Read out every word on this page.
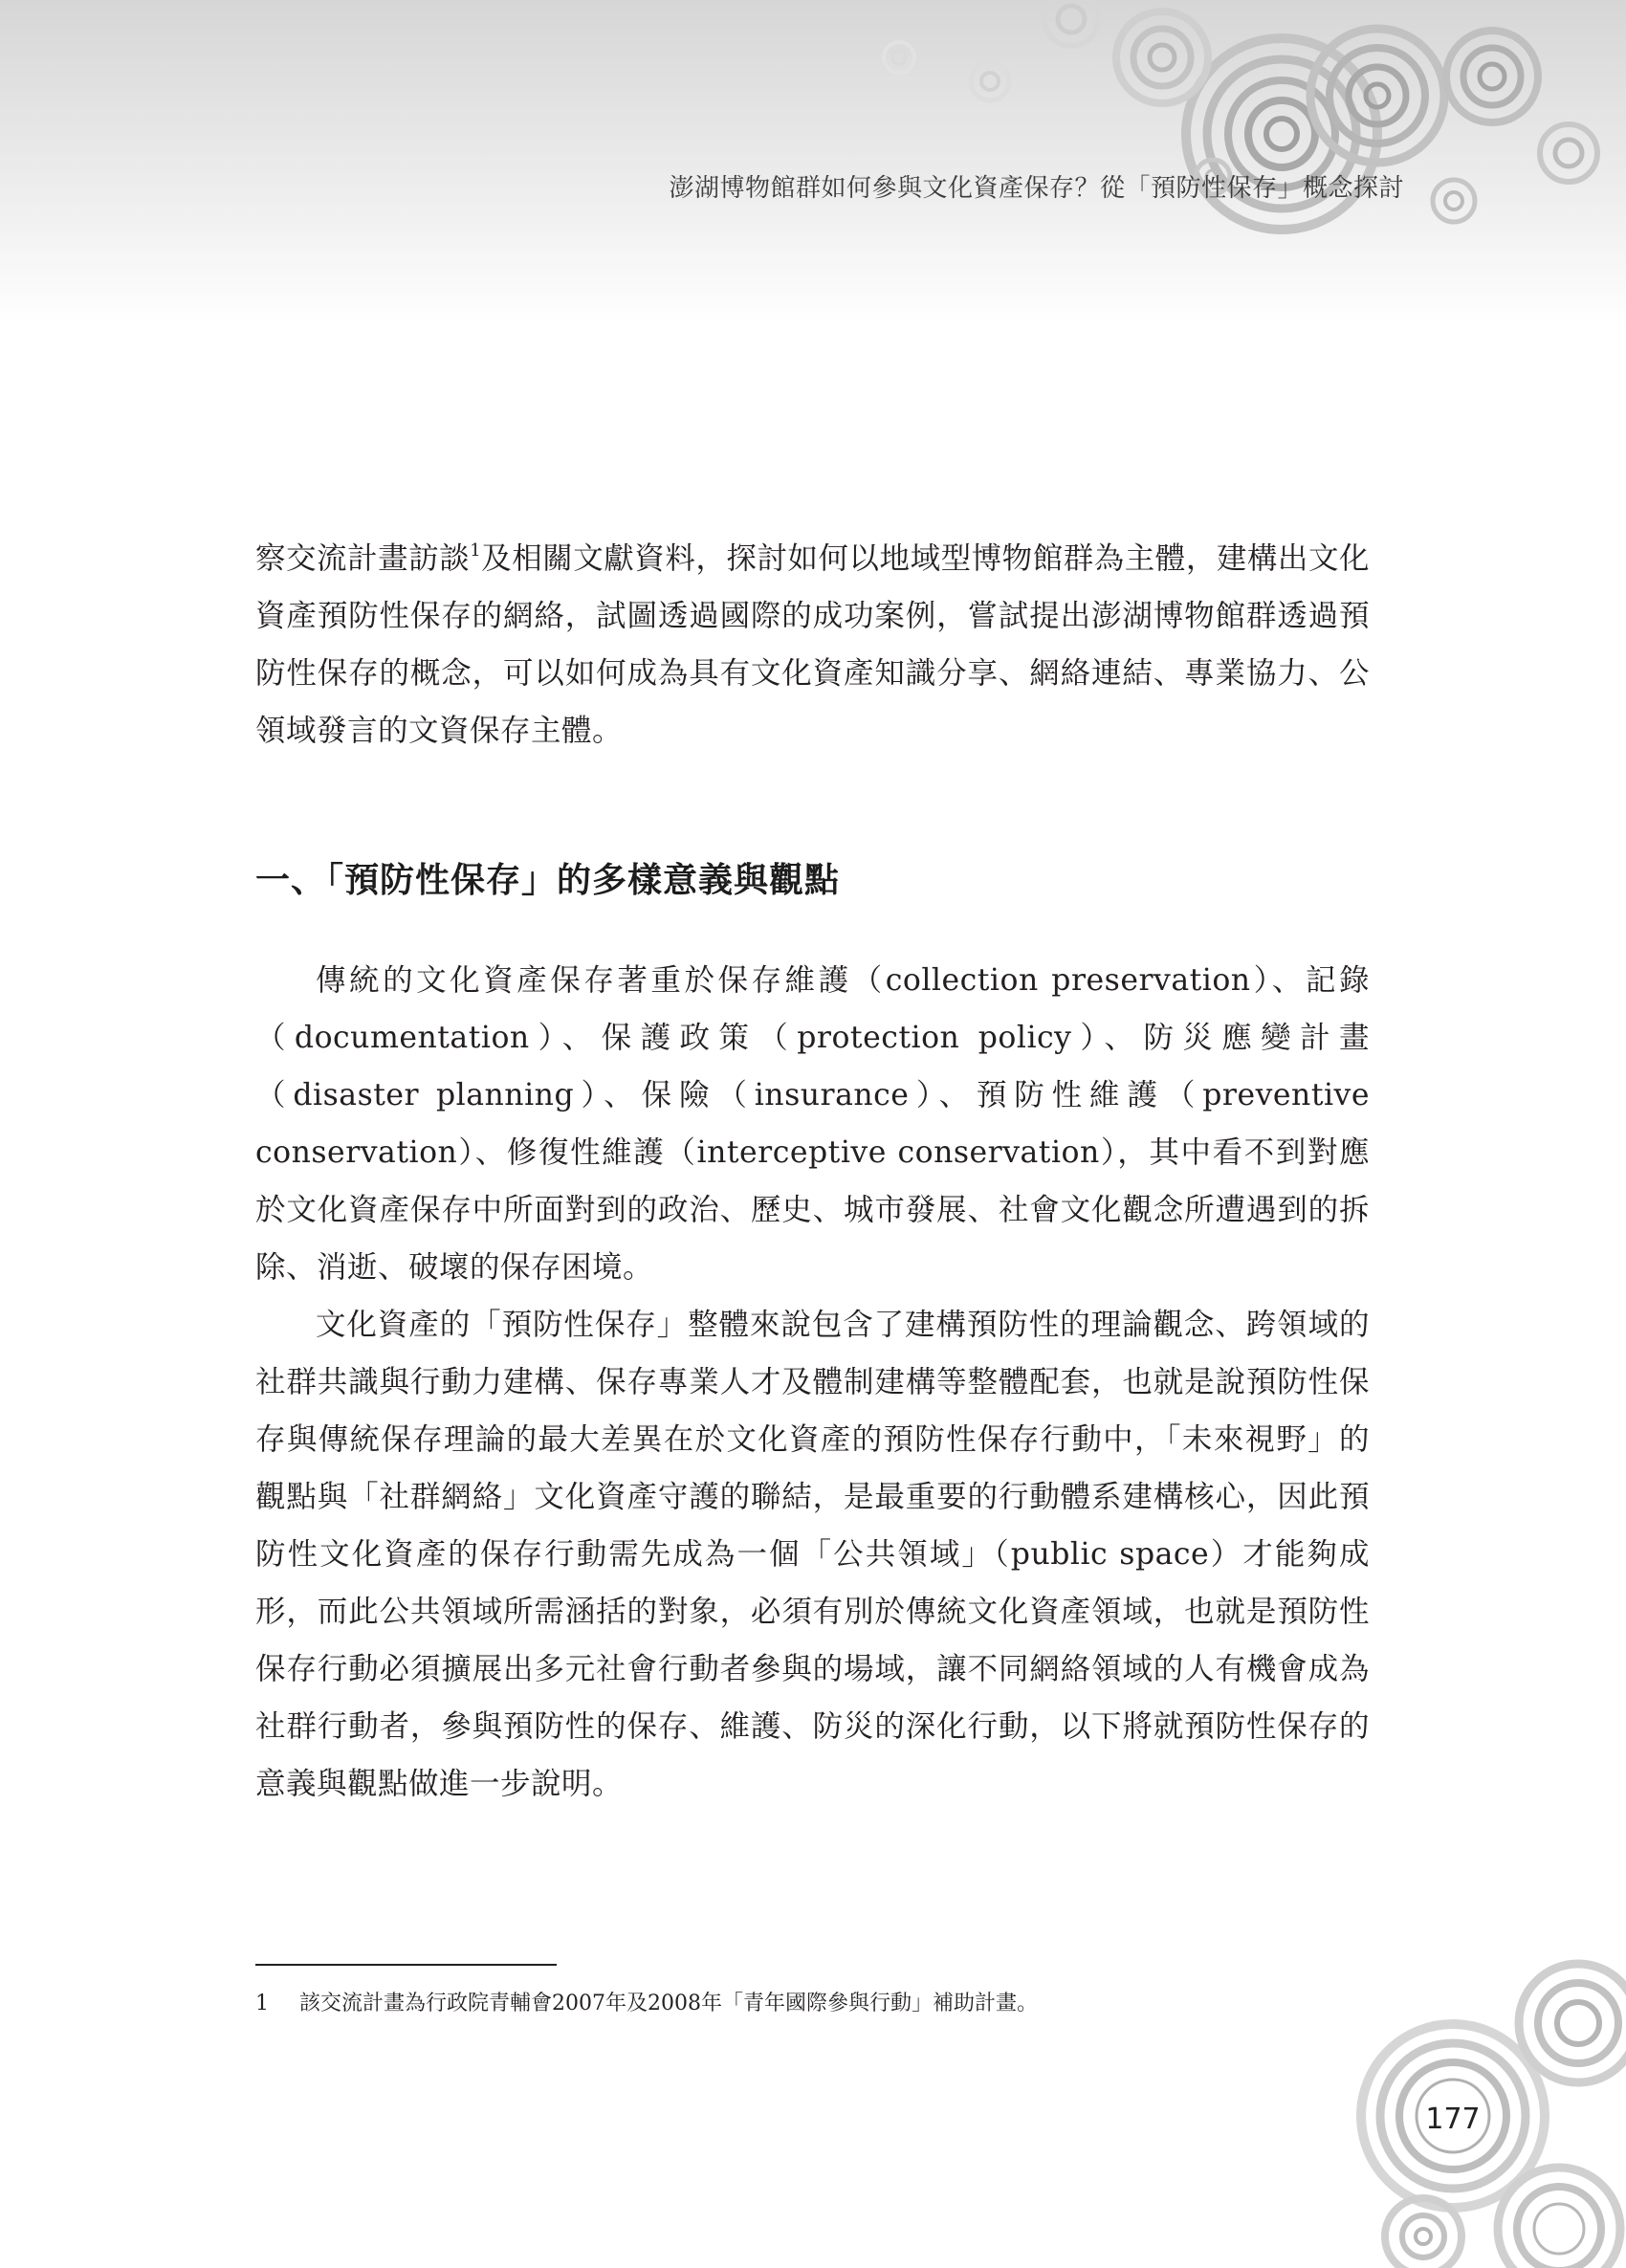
澎湖博物館群如何參與文化資產保存？從「預防性保存」概念探討

察交流計畫訪談$^1$及相關文獻資料，探討如何以地域型博物館群為主體，建構出文化資產預防性保存的網絡，試圖透過國際的成功案例，嘗試提出澎湖博物館群透過預防性保存的概念，可以如何成為具有文化資產知識分享、網絡連結、專業協力、公領域發言的文資保存主體。

一、「預防性保存」的多樣意義與觀點

傳統的文化資產保存著重於保存維護（collection preservation）、記錄（documentation）、保護政策（protection policy）、防災應變計畫（disaster planning）、保險（insurance）、預防性維護（preventive conservation）、修復性維護（interceptive conservation），其中看不到對應於文化資產保存中所面對到的政治、歷史、城市發展、社會文化觀念所遭遇到的拆除、消逝、破壞的保存困境。

文化資產的「預防性保存」整體來說包含了建構預防性的理論觀念、跨領域的社群共識與行動力建構、保存專業人才及體制建構等整體配套，也就是說預防性保存與傳統保存理論的最大差異在於文化資產的預防性保存行動中，「未來視野」的觀點與「社群網絡」文化資產守護的聯結，是最重要的行動體系建構核心，因此預防性文化資產的保存行動需先成為一個「公共領域」（public space）才能夠成形，而此公共領域所需涵括的對象，必須有別於傳統文化資產領域，也就是預防性保存行動必須擴展出多元社會行動者參與的場域，讓不同網絡領域的人有機會成為社群行動者，參與預防性的保存、維護、防災的深化行動，以下將就預防性保存的意義與觀點做進一步說明。

1 該交流計畫為行政院青輔會2007年及2008年「青年國際參與行動」補助計畫。
177
